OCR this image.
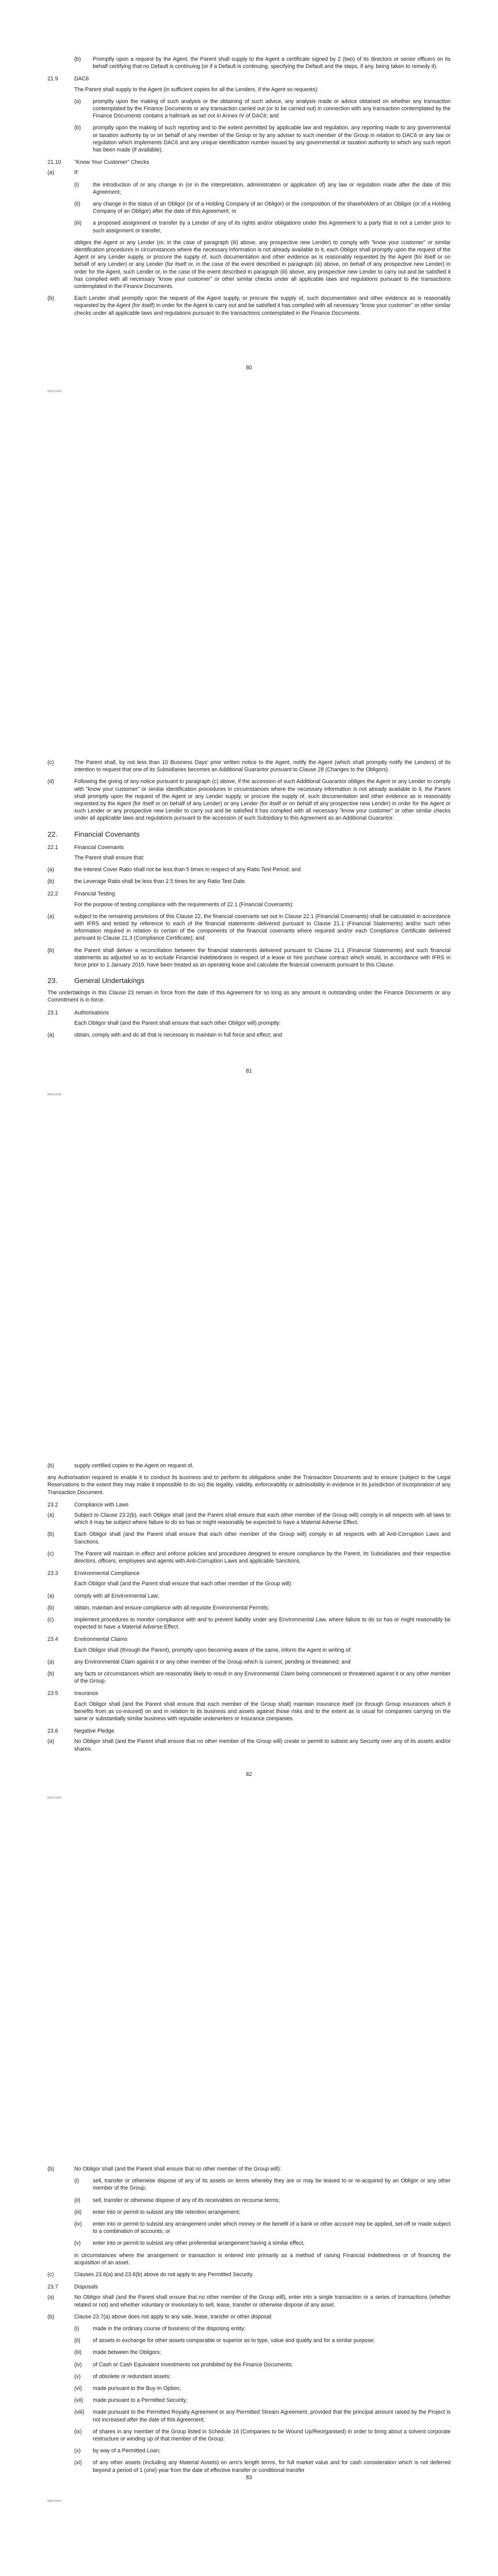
(b)	Promptly upon a request by the Agent, the Parent shall supply to the Agent a certificate signed by 2 (two) of its directors or senior officers on its behalf certifying that no Default is continuing (or if a Default is continuing, specifying the Default and the steps, if any, being taken to remedy it).

21.9	DAC6

The Parent shall supply to the Agent (in sufficient copies for all the Lenders, if the Agent so requests):

(a)	promptly upon the making of such analysis or the obtaining of such advice, any analysis made or advice obtained on whether any transaction contemplated by the Finance Documents or any transaction carried out (or to be carried out) in connection with any transaction contemplated by the Finance Documents contains a hallmark as set out in Annex IV of DAC6; and

(b)	promptly upon the making of such reporting and to the extent permitted by applicable law and regulation, any reporting made to any governmental or taxation authority by or on behalf of any member of the Group or by any adviser to such member of the Group in relation to DAC6 or any law or regulation which implements DAC6 and any unique identification number issued by any governmental or taxation authority to which any such report has been made (if available).

21.10	"Know Your Customer" Checks
(a)	If:

(i)	the introduction of or any change in (or in the interpretation, administration or application of) any law or regulation made after the date of this Agreement;

(ii)	any change in the status of an Obligor (or of a Holding Company of an Obligor) or the composition of the shareholders of an Obligor (or of a Holding Company of an Obligor) after the date of this Agreement; or

(iii)	a proposed assignment or transfer by a Lender of any of its rights and/or obligations under this Agreement to a party that is not a Lender prior to such assignment or transfer,

obliges the Agent or any Lender (or, in the case of paragraph (iii) above, any prospective new Lender) to comply with "know your customer" or similar identification procedures in circumstances where the necessary information is not already available to it, each Obligor shall promptly upon the request of the Agent or any Lender supply, or procure the supply of, such documentation and other evidence as is reasonably requested by the Agent (for itself or on behalf of any Lender) or any Lender (for itself or, in the case of the event described in paragraph (iii) above, on behalf of any prospective new Lender) in order for the Agent, such Lender or, in the case of the event described in paragraph (iii) above, any prospective new Lender to carry out and be satisfied it has complied with all necessary "know your customer" or other similar checks under all applicable laws and regulations pursuant to the transactions contemplated in the Finance Documents.

(b)	Each Lender shall promptly upon the request of the Agent supply, or procure the supply of, such documentation and other evidence as is reasonably requested by the Agent (for itself) in order for the Agent to carry out and be satisfied it has complied with all necessary "know your customer" or other similar checks under all applicable laws and regulations pursuant to the transactions contemplated in the Finance Documents.

80
NRG1/26/D
(c)	The Parent shall, by not less than 10 Business Days' prior written notice to the Agent, notify the Agent (which shall promptly notify the Lenders) of its intention to request that one of its Subsidiaries becomes an Additional Guarantor pursuant to Clause 28 (Changes to the Obligors).

(d)	Following the giving of any notice pursuant to paragraph (c) above, if the accession of such Additional Guarantor obliges the Agent or any Lender to comply with "know your customer" or similar identification procedures in circumstances where the necessary information is not already available to it, the Parent shall promptly upon the request of the Agent or any Lender supply, or procure the supply of, such documentation and other evidence as is reasonably requested by the Agent (for itself or on behalf of any Lender) or any Lender (for itself or on behalf of any prospective new Lender) in order for the Agent or such Lender or any prospective new Lender to carry out and be satisfied it has complied with all necessary "know your customer" or other similar checks under all applicable laws and regulations pursuant to the accession of such Subsidiary to this Agreement as an Additional Guarantor.

22.	Financial Covenants
22.1	Financial Covenants

The Parent shall ensure that:

(a)	the Interest Cover Ratio shall not be less than 5 times in respect of any Ratio Test Period; and

(b)	the Leverage Ratio shall be less than 2.5 times for any Ratio Test Date.

22.2	Financial Testing

For the purpose of testing compliance with the requirements of 22.1 (Financial Covenants):

(a)	subject to the remaining provisions of this Clause 22, the financial covenants set out in Clause 22.1 (Financial Covenants) shall be calculated in accordance with IFRS and tested by reference to each of the financial statements delivered pursuant to Clause 21.1 (Financial Statements) and/or such other information required in relation to certain of the components of the financial covenants where required and/or each Compliance Certificate delivered pursuant to Clause 21.3 (Compliance Certificate); and

(b)	the Parent shall deliver a reconciliation between the financial statements delivered pursuant to Clause 21.1 (Financial Statements) and such financial statements as adjusted so as to exclude Financial Indebtedness in respect of a lease or hire purchase contract which would, in accordance with IFRS in force prior to 1 January 2019, have been treated as an operating lease and calculate the financial covenants pursuant to this Clause.

23.	General Undertakings

The undertakings in this Clause 23 remain in force from the date of this Agreement for so long as any amount is outstanding under the Finance Documents or any Commitment is in force.

23.1	Authorisations

Each Obligor shall (and the Parent shall ensure that each other Obligor will) promptly:

(a)	obtain, comply with and do all that is necessary to maintain in full force and effect; and

81
NRG1/26/D
(b)	supply certified copies to the Agent on request of,

any Authorisation required to enable it to conduct its business and to perform its obligations under the Transaction Documents and to ensure (subject to the Legal Reservations to the extent they may make it impossible to do so) the legality, validity, enforceability or admissibility in evidence in its jurisdiction of incorporation of any Transaction Document.

23.2	Compliance with Laws
(a)	Subject to Clause 23.2(b), each Obligor shall (and the Parent shall ensure that each other member of the Group will) comply in all respects with all laws to which it may be subject where failure to do so has or might reasonably be expected to have a Material Adverse Effect.

(b)	Each Obligor shall (and the Parent shall ensure that each other member of the Group will) comply in all respects with all Anti-Corruption Laws and Sanctions.

(c)	The Parent will maintain in effect and enforce policies and procedures designed to ensure compliance by the Parent, its Subsidiaries and their respective directors, officers, employees and agents with Anti-Corruption Laws and applicable Sanctions.

23.3	Environmental Compliance

Each Obligor shall (and the Parent shall ensure that each other member of the Group will):

(a)	comply with all Environmental Law;

(b)	obtain, maintain and ensure compliance with all requisite Environmental Permits;

(c)	implement procedures to monitor compliance with and to prevent liability under any Environmental Law, where failure to do so has or might reasonably be expected to have a Material Adverse Effect.

23.4	Environmental Claims

Each Obligor shall (through the Parent), promptly upon becoming aware of the same, inform the Agent in writing of:

(a)	any Environmental Claim against it or any other member of the Group which is current, pending or threatened; and

(b)	any facts or circumstances which are reasonably likely to result in any Environmental Claim being commenced or threatened against it or any other member of the Group.

23.5	Insurance

Each Obligor shall (and the Parent shall ensure that each member of the Group shall) maintain insurance itself (or through Group insurances which it benefits from as co-insured) on and in relation to its business and assets against those risks and to the extent as is usual for companies carrying on the same or substantially similar business with reputable underwriters or insurance companies.

23.6	Negative Pledge
(a)	No Obligor shall (and the Parent shall ensure that no other member of the Group will) create or permit to subsist any Security over any of its assets and/or shares.

82
NRG1/26/D
(b)	No Obligor shall (and the Parent shall ensure that no other member of the Group will):

(i)	sell, transfer or otherwise dispose of any of its assets on terms whereby they are or may be leased to or re-acquired by an Obligor or any other member of the Group;

(ii)	sell, transfer or otherwise dispose of any of its receivables on recourse terms;

(iii)	enter into or permit to subsist any title retention arrangement;

(iv)	enter into or permit to subsist any arrangement under which money or the benefit of a bank or other account may be applied, set-off or made subject to a combination of accounts; or

(v)	enter into or permit to subsist any other preferential arrangement having a similar effect,

in circumstances where the arrangement or transaction is entered into primarily as a method of raising Financial Indebtedness or of financing the acquisition of an asset.

(c)	Clauses 23.6(a) and 23.6(b) above do not apply to any Permitted Security.

23.7	Disposals
(a)	No Obligor shall (and the Parent shall ensure that no other member of the Group will), enter into a single transaction or a series of transactions (whether related or not) and whether voluntary or involuntary to sell, lease, transfer or otherwise dispose of any asset.

(b)	Clause 23.7(a) above does not apply to any sale, lease, transfer or other disposal:

(i)	made in the ordinary course of business of the disposing entity;

(ii)	of assets in exchange for other assets comparable or superior as to type, value and quality and for a similar purpose;

(iii)	made between the Obligors;

(iv)	of Cash or Cash Equivalent Investments not prohibited by the Finance Documents;

(v)	of obsolete or redundant assets;

(vi)	made pursuant to the Buy-In Option;

(vii)	made pursuant to a Permitted Security;

(viii)	made pursuant to the Permitted Royalty Agreement or any Permitted Stream Agreement, provided that the principal amount raised by the Project is not increased after the date of this Agreement;

(ix)	of shares in any member of the Group listed in Schedule 16 (Companies to be Wound Up/Reorganised) in order to bring about a solvent corporate restructure or winding up of that member of the Group;

(x)	by way of a Permitted Loan;

(xi)	of any other assets (including any Material Assets) on arm's length terms, for full market value and for cash consideration which is not deferred beyond a period of 1 (one) year from the date of effective transfer or conditional transfer

83
NRG1/26/D
